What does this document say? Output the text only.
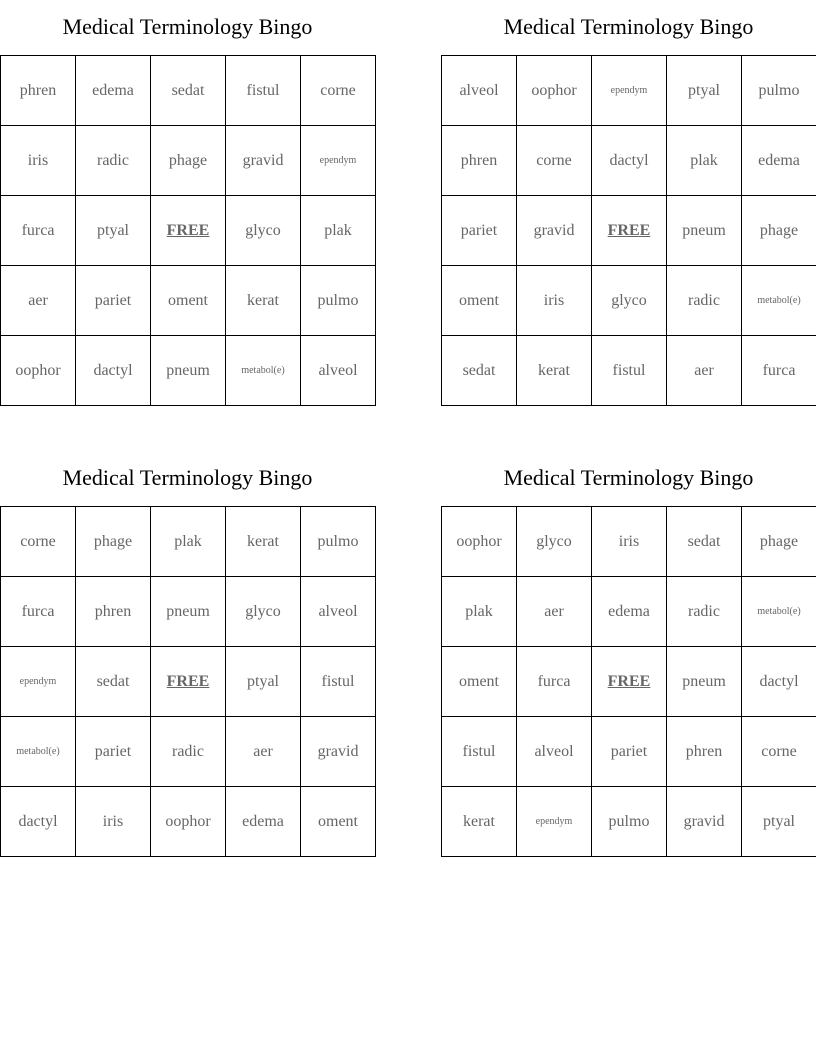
Medical Terminology Bingo
phren	edema	sedat	fistul	corne
iris	radic	phage	gravid	ependym
furca	ptyal	FREE	glyco	plak
aer	pariet	oment	kerat	pulmo
oophor	dactyl	pneum	metabol(e)	alveol
Medical Terminology Bingo
alveol	oophor	ependym	ptyal	pulmo
phren	corne	dactyl	plak	edema
pariet	gravid	FREE	pneum	phage
oment	iris	glyco	radic	metabol(e)
sedat	kerat	fistul	aer	furca
Medical Terminology Bingo
corne	phage	plak	kerat	pulmo
furca	phren	pneum	glyco	alveol
ependym	sedat	FREE	ptyal	fistul
metabol(e)	pariet	radic	aer	gravid
dactyl	iris	oophor	edema	oment
Medical Terminology Bingo
oophor	glyco	iris	sedat	phage
plak	aer	edema	radic	metabol(e)
oment	furca	FREE	pneum	dactyl
fistul	alveol	pariet	phren	corne
kerat	ependym	pulmo	gravid	ptyal
